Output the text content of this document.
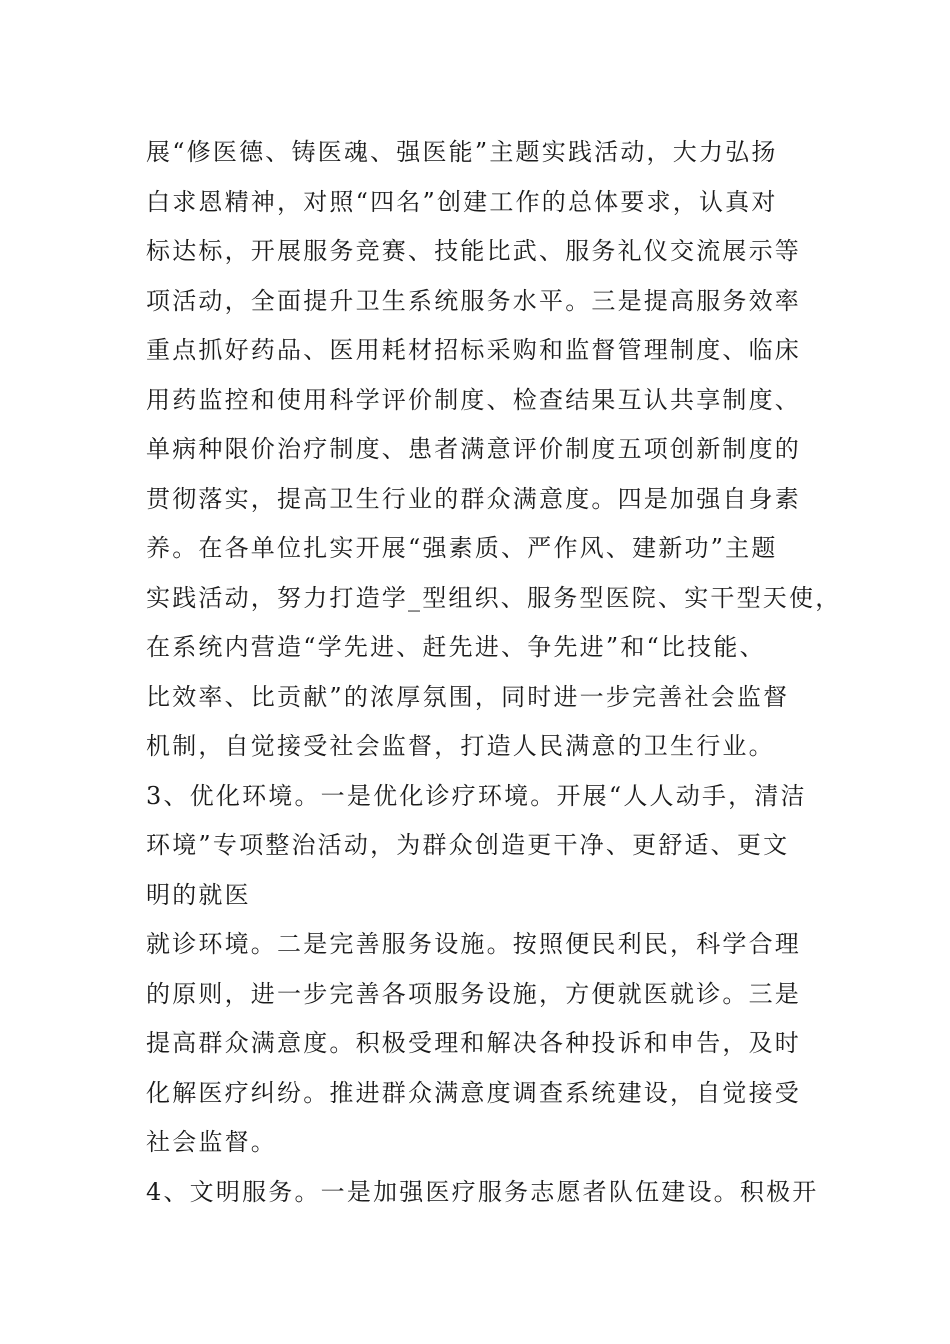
展“修医德、铸医魂、强医能”主题实践活动，大力弘扬
白求恩精神，对照“四名”创建工作的总体要求，认真对
标达标，开展服务竞赛、技能比武、服务礼仪交流展示等
项活动，全面提升卫生系统服务水平。三是提高服务效率
重点抓好药品、医用耗材招标采购和监督管理制度、临床
用药监控和使用科学评价制度、检查结果互认共享制度、
单病种限价治疗制度、患者满意评价制度五项创新制度的
贯彻落实，提高卫生行业的群众满意度。四是加强自身素
养。在各单位扎实开展“强素质、严作风、建新功”主题
实践活动，努力打造学_型组织、服务型医院、实干型天使，
在系统内营造“学先进、赶先进、争先进”和“比技能、
比效率、比贡献”的浓厚氛围，同时进一步完善社会监督
机制，自觉接受社会监督，打造人民满意的卫生行业。
3、优化环境。一是优化诊疗环境。开展“人人动手，清洁
环境”专项整治活动，为群众创造更干净、更舒适、更文
明的就医
就诊环境。二是完善服务设施。按照便民利民，科学合理
的原则，进一步完善各项服务设施，方便就医就诊。三是
提高群众满意度。积极受理和解决各种投诉和申告，及时
化解医疗纠纷。推进群众满意度调查系统建设，自觉接受
社会监督。
4、文明服务。一是加强医疗服务志愿者队伍建设。积极开
